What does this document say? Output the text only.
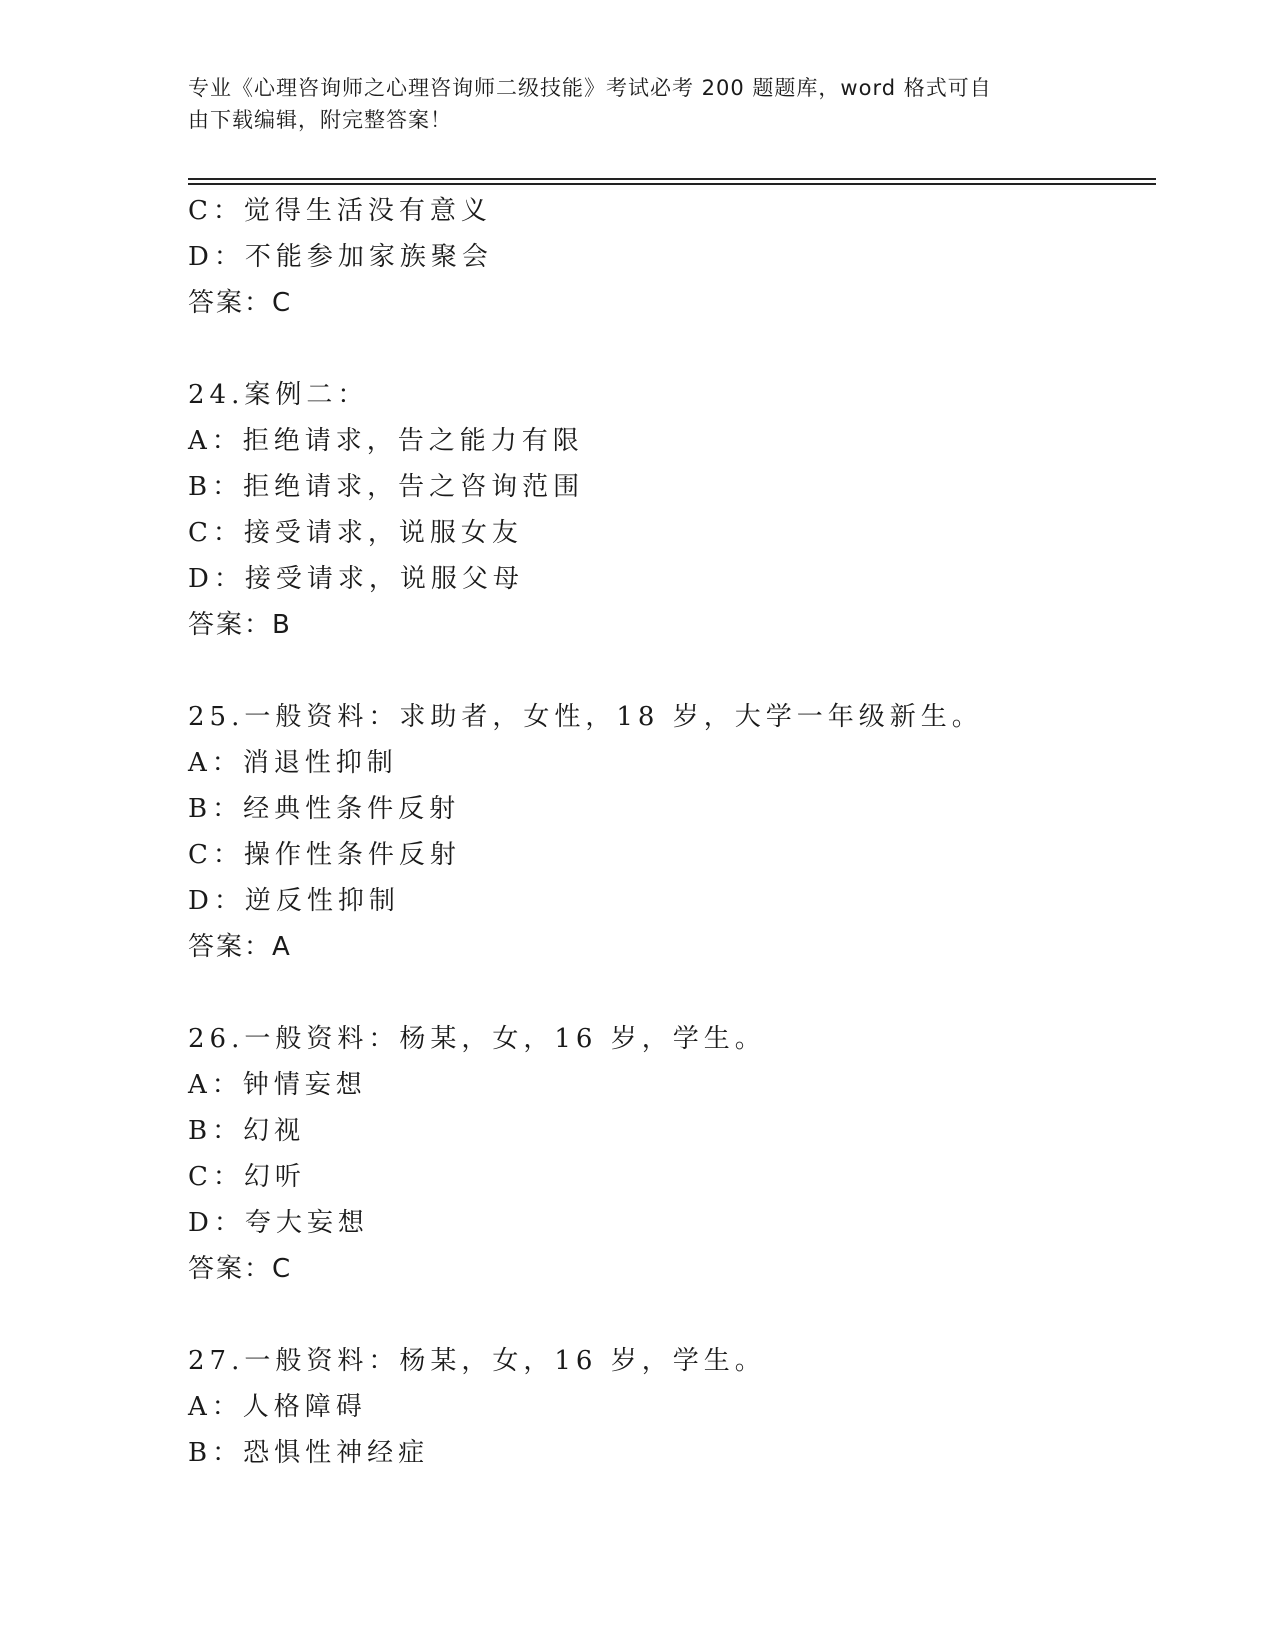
专业《心理咨询师之心理咨询师二级技能》考试必考 200 题题库，word 格式可自
由下载编辑，附完整答案！
C：觉得生活没有意义
D：不能参加家族聚会
答案：C
24.案例二：
A：拒绝请求，告之能力有限
B：拒绝请求，告之咨询范围
C：接受请求，说服女友
D：接受请求，说服父母
答案：B
25.一般资料：求助者，女性，18 岁，大学一年级新生。
A：消退性抑制
B：经典性条件反射
C：操作性条件反射
D：逆反性抑制
答案：A
26.一般资料：杨某，女，16 岁，学生。
A：钟情妄想
B：幻视
C：幻听
D：夸大妄想
答案：C
27.一般资料：杨某，女，16 岁，学生。
A：人格障碍
B：恐惧性神经症
